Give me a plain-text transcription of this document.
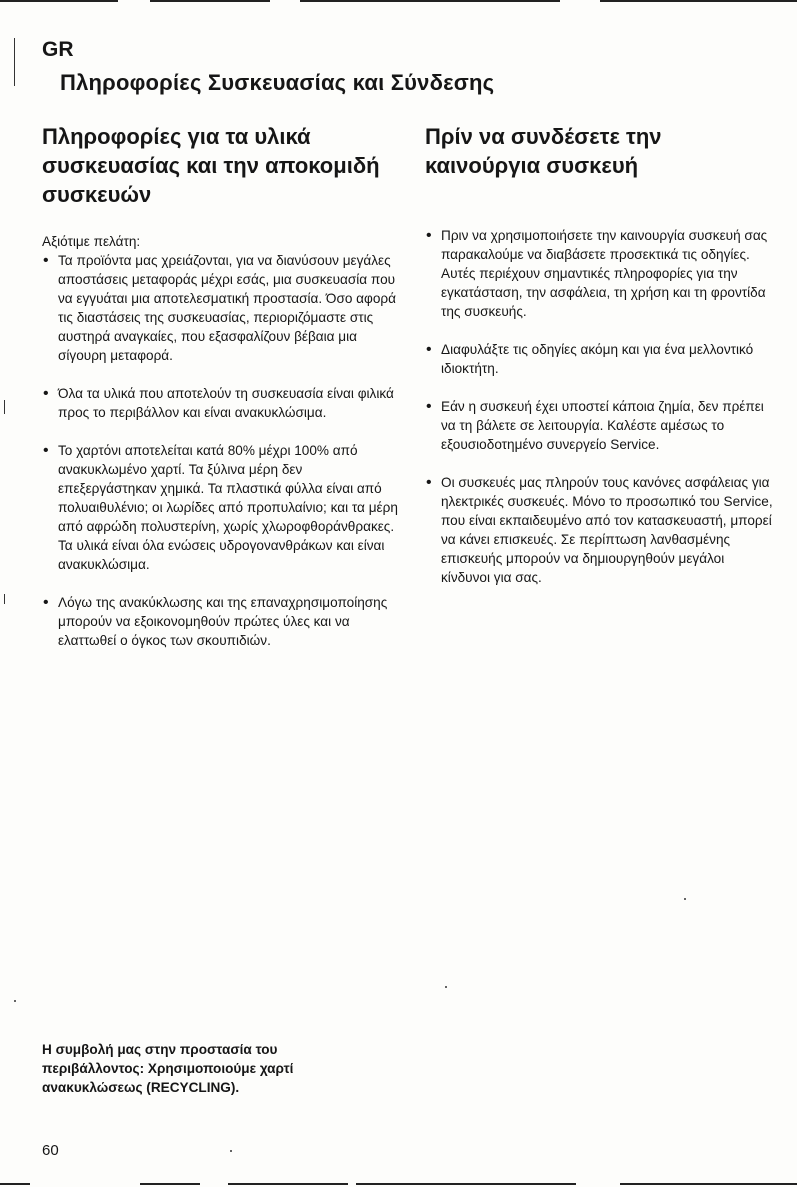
GR
Πληροφορίες Συσκευασίας και Σύνδεσης
Πληροφορίες για τα υλικά συσκευασίας και την αποκομιδή συσκευών

Αξιότιμε πελάτη:

• Τα προϊόντα μας χρειάζονται, για να διανύσουν μεγάλες αποστάσεις μεταφοράς μέχρι εσάς, μια συσκευασία που να εγγυάται μια αποτελεσματική προστασία. Όσο αφορά τις διαστάσεις της συσκευασίας, περιοριζόμαστε στις αυστηρά αναγκαίες, που εξασφαλίζουν βέβαια μια σίγουρη μεταφορά.
• Όλα τα υλικά που αποτελούν τη συσκευασία είναι φιλικά προς το περιβάλλον και είναι ανακυκλώσιμα.
• Το χαρτόνι αποτελείται κατά 80% μέχρι 100% από ανακυκλωμένο χαρτί. Τα ξύλινα μέρη δεν επεξεργάστηκαν χημικά. Τα πλαστικά φύλλα είναι από πολυαιθυλένιο; οι λωρίδες από προπυλαίνιο; και τα μέρη από αφρώδη πολυστερίνη, χωρίς χλωροφθοράνθρακες. Τα υλικά είναι όλα ενώσεις υδρογονανθράκων και είναι ανακυκλώσιμα.
• Λόγω της ανακύκλωσης και της επαναχρησιμοποίησης μπορούν να εξοικονομηθούν πρώτες ύλες και να ελαττωθεί ο όγκος των σκουπιδιών.
Πρίν να συνδέσετε την καινούργια συσκευή
• Πριν να χρησιμοποιήσετε την καινουργία συσκευή σας παρακαλούμε να διαβάσετε προσεκτικά τις οδηγίες. Αυτές περιέχουν σημαντικές πληροφορίες για την εγκατάσταση, την ασφάλεια, τη χρήση και τη φροντίδα της συσκευής.
• Διαφυλάξτε τις οδηγίες ακόμη και για ένα μελλοντικό ιδιοκτήτη.
• Εάν η συσκευή έχει υποστεί κάποια ζημία, δεν πρέπει να τη βάλετε σε λειτουργία. Καλέστε αμέσως το εξουσιοδοτημένο συνεργείο Service.
• Οι συσκευές μας πληρούν τους κανόνες ασφάλειας για ηλεκτρικές συσκευές. Μόνο το προσωπικό του Service, που είναι εκπαιδευμένο από τον κατασκευαστή, μπορεί να κάνει επισκευές. Σε περίπτωση λανθασμένης επισκευής μπορούν να δημιουργηθούν μεγάλοι κίνδυνοι για σας.
Η συμβολή μας στην προστασία του περιβάλλοντος: Χρησιμοποιούμε χαρτί ανακυκλώσεως (RECYCLING).
60
